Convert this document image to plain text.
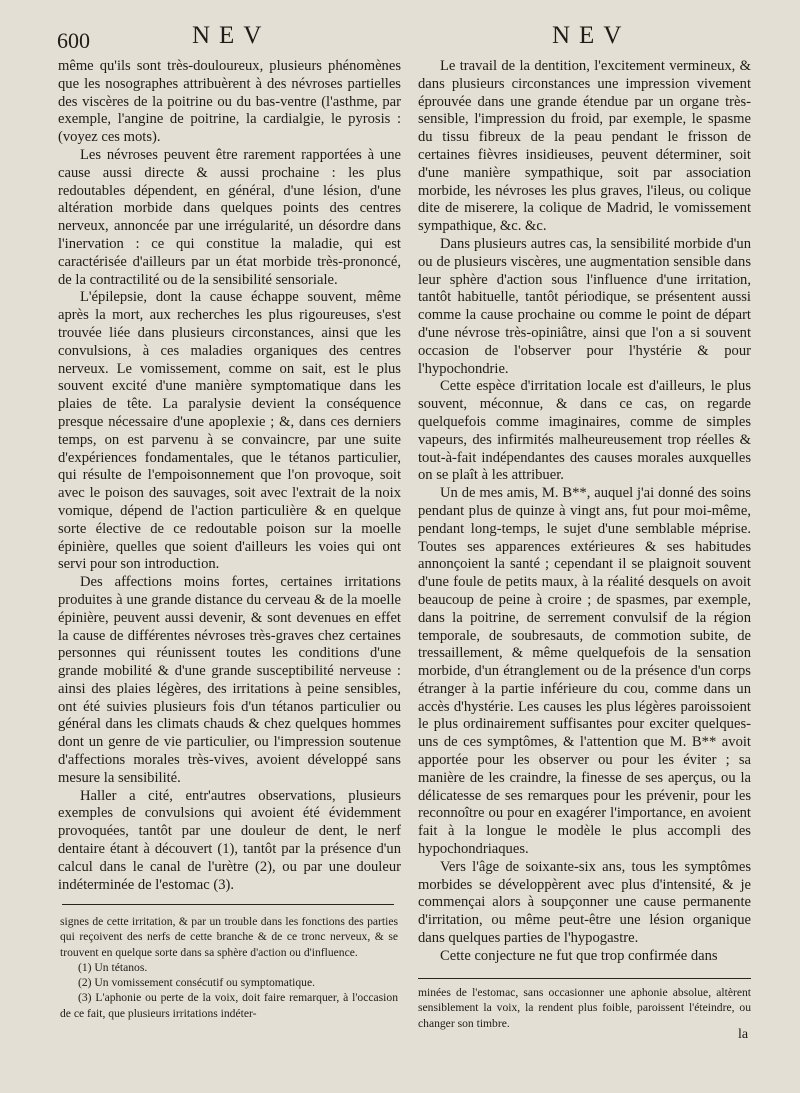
600	NEV	NEV

même qu'ils sont très-douloureux, plusieurs phénomènes que les nosographes attribuèrent à des névroses partielles des viscères de la poitrine ou du bas-ventre (l'asthme, par exemple, l'angine de poitrine, la cardialgie, le pyrosis : (voyez ces mots).

Les névroses peuvent être rarement rapportées à une cause aussi directe & aussi prochaine : les plus redoutables dépendent, en général, d'une lésion, d'une altération morbide dans quelques points des centres nerveux, annoncée par une irrégularité, un désordre dans l'inervation : ce qui constitue la maladie, qui est caractérisée d'ailleurs par un état morbide très-prononcé, de la contractilité ou de la sensibilité sensoriale.

L'épilepsie, dont la cause échappe souvent, même après la mort, aux recherches les plus rigoureuses, s'est trouvée liée dans plusieurs circonstances, ainsi que les convulsions, à ces maladies organiques des centres nerveux. Le vomissement, comme on sait, est le plus souvent excité d'une manière symptomatique dans les plaies de tête. La paralysie devient la conséquence presque nécessaire d'une apoplexie ; &, dans ces derniers temps, on est parvenu à se convaincre, par une suite d'expériences fondamentales, que le tétanos particulier, qui résulte de l'empoisonnement que l'on provoque, soit avec le poison des sauvages, soit avec l'extrait de la noix vomique, dépend de l'action particulière & en quelque sorte élective de ce redoutable poison sur la moelle épinière, quelles que soient d'ailleurs les voies qui ont servi pour son introduction.

Des affections moins fortes, certaines irritations produites à une grande distance du cerveau & de la moelle épinière, peuvent aussi devenir, & sont devenues en effet la cause de différentes névroses très-graves chez certaines personnes qui réunissent toutes les conditions d'une grande mobilité & d'une grande susceptibilité nerveuse : ainsi des plaies légères, des irritations à peine sensibles, ont été suivies plusieurs fois d'un tétanos particulier ou général dans les climats chauds & chez quelques hommes dont un genre de vie particulier, ou l'impression soutenue d'affections morales très-vives, avoient développé sans mesure la sensibilité.

Haller a cité, entr'autres observations, plusieurs exemples de convulsions qui avoient été évidemment provoquées, tantôt par une douleur de dent, le nerf dentaire étant à découvert (1), tantôt par la présence d'un calcul dans le canal de l'urètre (2), ou par une douleur indéterminée de l'estomac (3).

Le travail de la dentition, l'excitement vermineux, & dans plusieurs circonstances une impression vivement éprouvée dans une grande étendue par un organe très-sensible, l'impression du froid, par exemple, le spasme du tissu fibreux de la peau pendant le frisson de certaines fièvres insidieuses, peuvent déterminer, soit d'une manière sympathique, soit par association morbide, les névroses les plus graves, l'ileus, ou colique dite de miserere, la colique de Madrid, le vomissement sympathique, &c. &c.

Dans plusieurs autres cas, la sensibilité morbide d'un ou de plusieurs viscères, une augmentation sensible dans leur sphère d'action sous l'influence d'une irritation, tantôt habituelle, tantôt périodique, se présentent aussi comme la cause prochaine ou comme le point de départ d'une névrose très-opiniâtre, ainsi que l'on a si souvent occasion de l'observer pour l'hystérie & pour l'hypochondrie.

Cette espèce d'irritation locale est d'ailleurs, le plus souvent, méconnue, & dans ce cas, on regarde quelquefois comme imaginaires, comme de simples vapeurs, des infirmités malheureusement trop réelles & tout-à-fait indépendantes des causes morales auxquelles on se plaît à les attribuer.

Un de mes amis, M. B**, auquel j'ai donné des soins pendant plus de quinze à vingt ans, fut pour moi-même, pendant long-temps, le sujet d'une semblable méprise. Toutes ses apparences extérieures & ses habitudes annonçoient la santé ; cependant il se plaignoit souvent d'une foule de petits maux, à la réalité desquels on avoit beaucoup de peine à croire ; de spasmes, par exemple, dans la poitrine, de serrement convulsif de la région temporale, de soubresauts, de commotion subite, de tressaillement, & même quelquefois de la sensation morbide, d'un étranglement ou de la présence d'un corps étranger à la partie inférieure du cou, comme dans un accès d'hystérie. Les causes les plus légères paroissoient le plus ordinairement suffisantes pour exciter quelques-uns de ces symptômes, & l'attention que M. B** avoit apportée pour les observer ou pour les éviter ; sa manière de les craindre, la finesse de ses aperçus, ou la délicatesse de ses remarques pour les prévenir, pour les reconnoître ou pour en exagérer l'importance, en avoient fait à la longue le modèle le plus accompli des hypochondriaques.

Vers l'âge de soixante-six ans, tous les symptômes morbides se développèrent avec plus d'intensité, & je commençai alors à soupçonner une cause permanente d'irritation, ou même peut-être une lésion organique dans quelques parties de l'hypogastre.

Cette conjecture ne fut que trop confirmée dans

signes de cette irritation, & par un trouble dans les fonctions des parties qui reçoivent des nerfs de cette branche & de ce tronc nerveux, & se trouvent en quelque sorte dans sa sphère d'action ou d'influence.

(1) Un tétanos.

(2) Un vomissement consécutif ou symptomatique.

(3) L'aphonie ou perte de la voix, doit faire remarquer, à l'occasion de ce fait, que plusieurs irritations indéter-

minées de l'estomac, sans occasionner une aphonie absolue, altèrent sensiblement la voix, la rendent plus foible, paroissent l'éteindre, ou changer son timbre.

la
